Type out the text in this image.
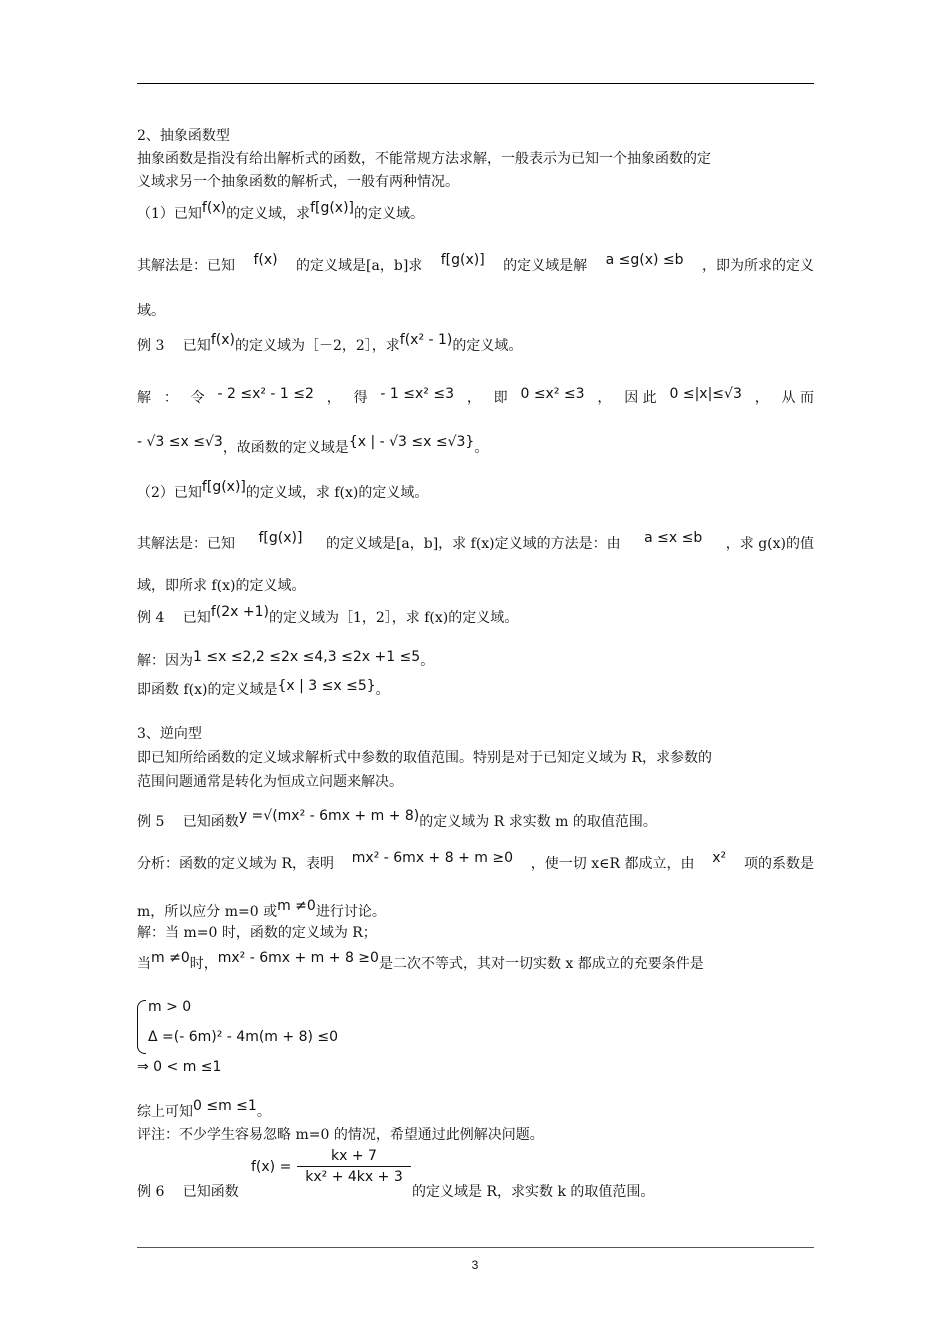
2、抽象函数型
抽象函数是指没有给出解析式的函数，不能常规方法求解，一般表示为已知一个抽象函数的定
义域求另一个抽象函数的解析式，一般有两种情况。
（1）已知f(x)的定义域，求f[g(x)]的定义域。
其解法是：已知 f(x) 的定义域是[a，b]求 f[g(x)] 的定义域是解 a ≤g(x) ≤b ，即为所求的定义
域。
例 3　 已知f(x)的定义域为［－2，2］，求f(x² - 1)的定义域。
解 ： 令 - 2 ≤x² - 1 ≤2 ， 得 - 1 ≤x² ≤3 ， 即 0 ≤x² ≤3 ， 因 此 0 ≤|x|≤√3 ， 从 而
- √3 ≤x ≤√3，故函数的定义域是{x | - √3 ≤x ≤√3}。
（2）已知f[g(x)]的定义域，求 f(x)的定义域。
其解法是：已知 f[g(x)] 的定义域是[a，b]，求 f(x)定义域的方法是：由 a ≤x ≤b ，求 g(x)的值
域，即所求 f(x)的定义域。
例 4　 已知f(2x +1)的定义域为［1，2］，求 f(x)的定义域。
解：因为1 ≤x ≤2,2 ≤2x ≤4,3 ≤2x +1 ≤5。
即函数 f(x)的定义域是{x | 3 ≤x ≤5}。
3、逆向型
即已知所给函数的定义域求解析式中参数的取值范围。特别是对于已知定义域为 R，求参数的
范围问题通常是转化为恒成立问题来解决。
例 5　 已知函数y =√(mx² - 6mx + m + 8)的定义域为 R 求实数 m 的取值范围。
分析：函数的定义域为 R，表明 mx² - 6mx + 8 + m ≥0 ，使一切 x∈R 都成立，由 x² 项的系数是
m，所以应分 m=0 或m ≠0进行讨论。
解：当 m=0 时，函数的定义域为 R；
当m ≠0时，mx² - 6mx + m + 8 ≥0是二次不等式，其对一切实数 x 都成立的充要条件是
m > 0
Δ =(- 6m)² - 4m(m + 8) ≤0
⇒ 0 < m ≤1
综上可知0 ≤m ≤1。
评注：不少学生容易忽略 m=0 的情况，希望通过此例解决问题。
例 6　 已知函数
f(x) =
kx + 7
kx² + 4kx + 3
的定义域是 R，求实数 k 的取值范围。
3
